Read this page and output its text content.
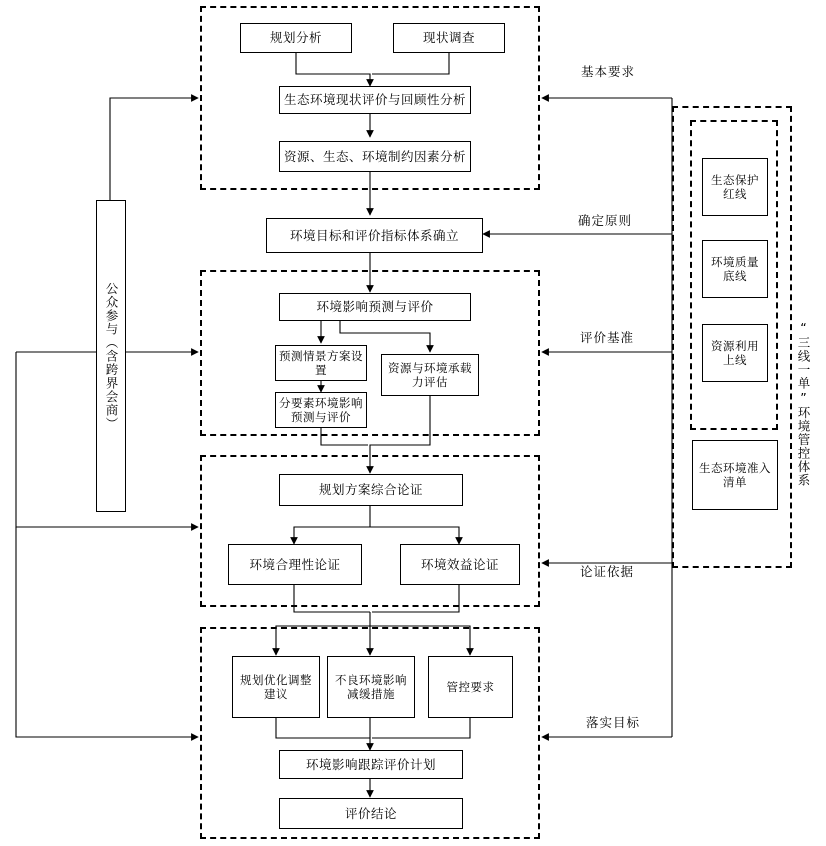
规划分析	现状调查
生态环境现状评价与回顾性分析
资源、生态、环境制约因素分析
环境目标和评价指标体系确立
环境影响预测与评价
预测情景方案设置
分要素环境影响预测与评价
资源与环境承载力评估
规划方案综合论证
环境合理性论证	环境效益论证
规划优化调整建议
不良环境影响减缓措施
管控要求
环境影响跟踪评价计划
评价结论
生态保护红线
环境质量底线
资源利用上线
生态环境准入清单
公众参与（含跨界会商）	“三线一单”环境管控体系
基本要求
确定原则
评价基准
论证依据
落实目标
